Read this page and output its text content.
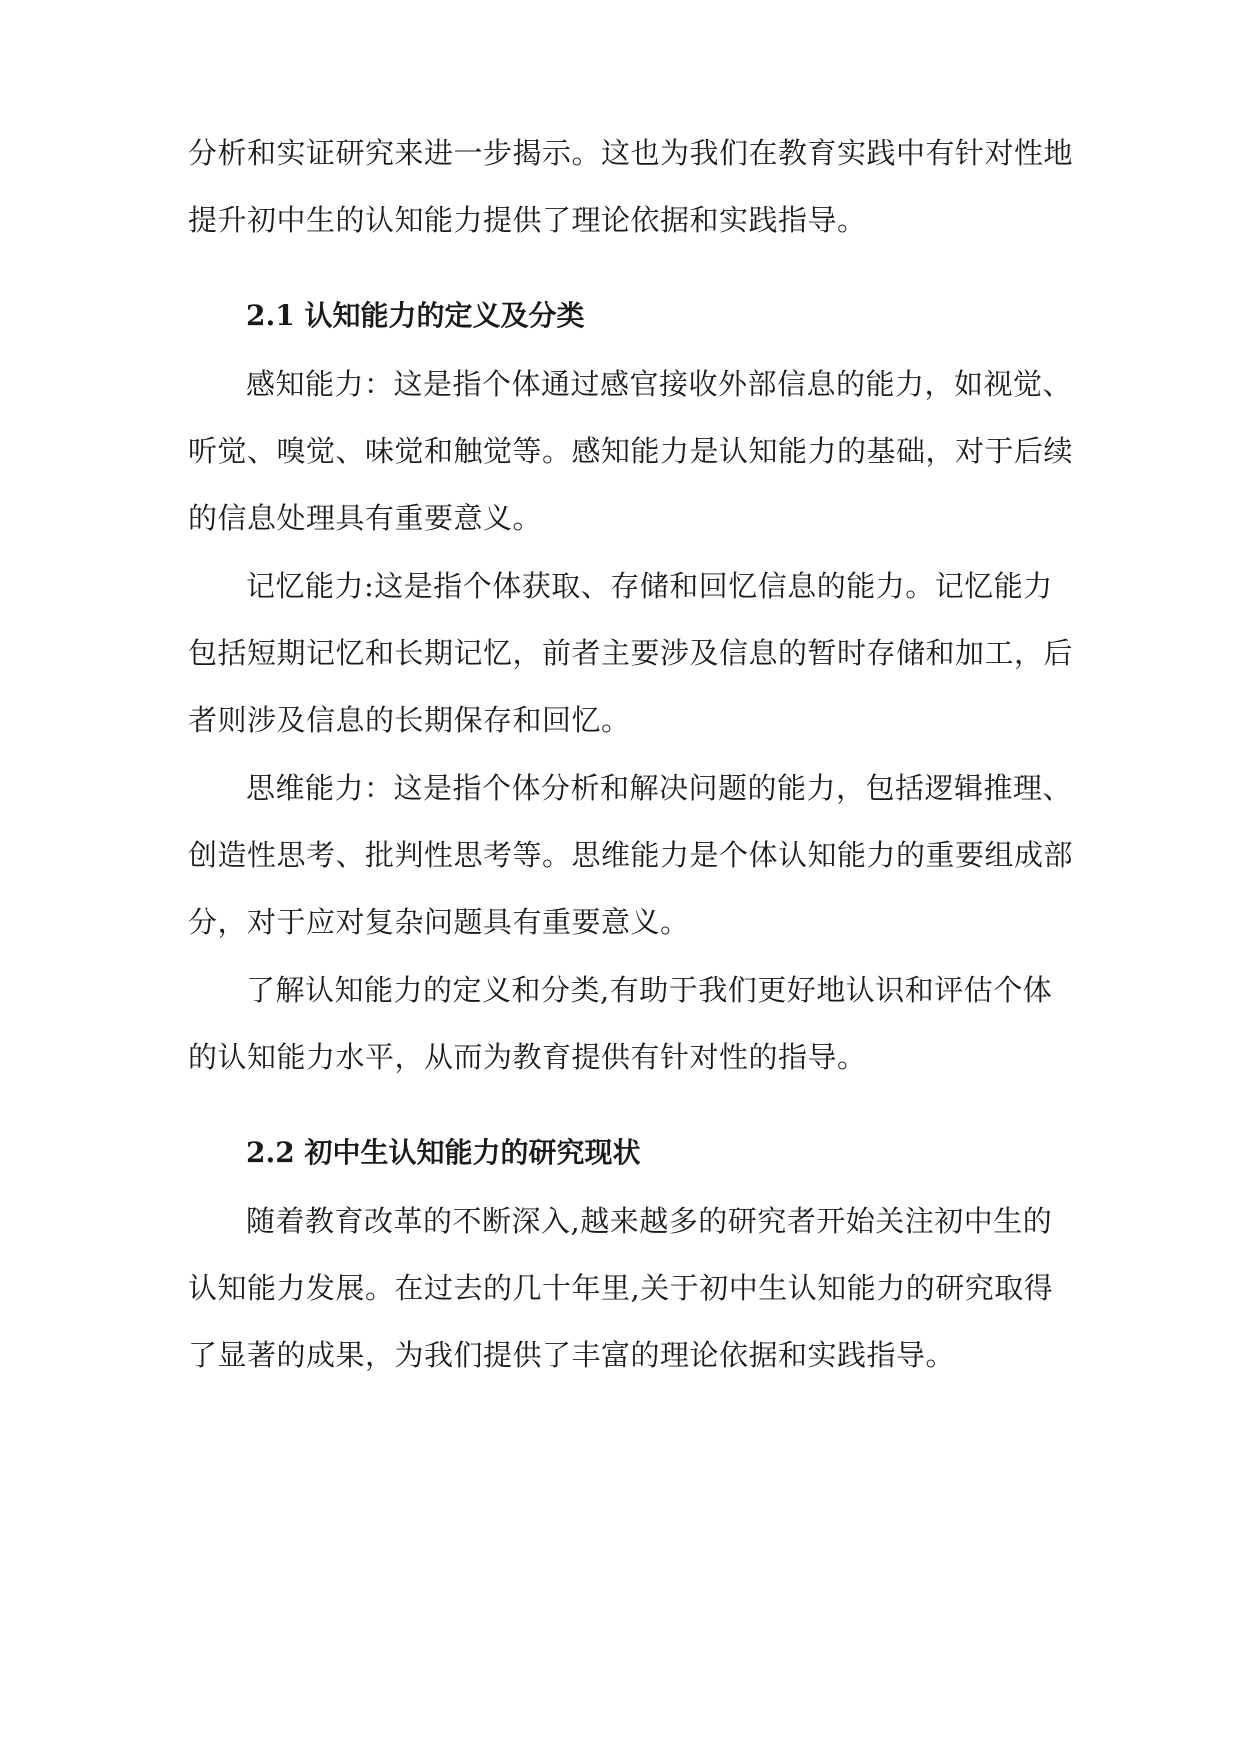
分析和实证研究来进一步揭示。这也为我们在教育实践中有针对性地
提升初中生的认知能力提供了理论依据和实践指导。
2.1 认知能力的定义及分类
感知能力：这是指个体通过感官接收外部信息的能力，如视觉、
听觉、嗅觉、味觉和触觉等。感知能力是认知能力的基础，对于后续
的信息处理具有重要意义。
记忆能力:这是指个体获取、存储和回忆信息的能力。记忆能力
包括短期记忆和长期记忆，前者主要涉及信息的暂时存储和加工，后
者则涉及信息的长期保存和回忆。
思维能力：这是指个体分析和解决问题的能力，包括逻辑推理、
创造性思考、批判性思考等。思维能力是个体认知能力的重要组成部
分，对于应对复杂问题具有重要意义。
了解认知能力的定义和分类,有助于我们更好地认识和评估个体
的认知能力水平，从而为教育提供有针对性的指导。
2.2 初中生认知能力的研究现状
随着教育改革的不断深入,越来越多的研究者开始关注初中生的
认知能力发展。在过去的几十年里,关于初中生认知能力的研究取得
了显著的成果，为我们提供了丰富的理论依据和实践指导。
